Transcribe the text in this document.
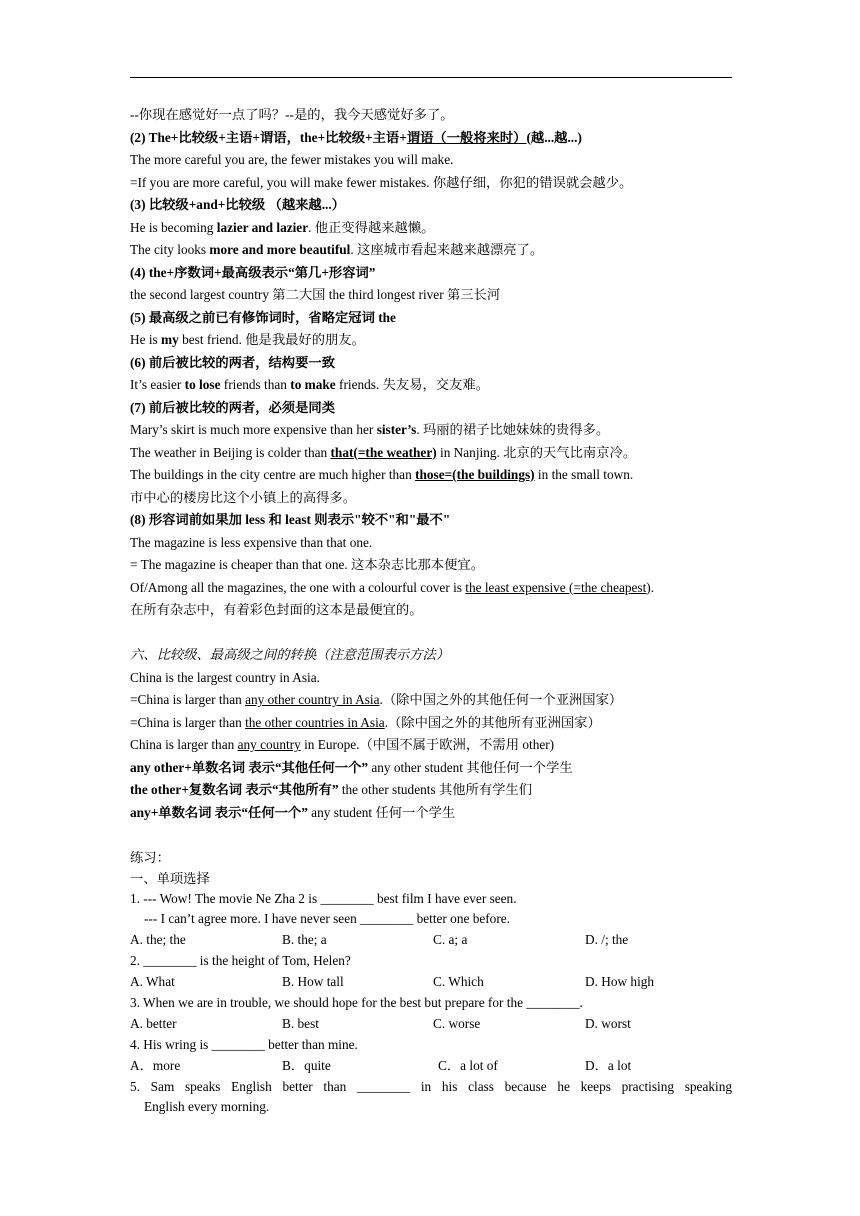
--你现在感觉好一点了吗？--是的，我今天感觉好多了。
(2) The+比较级+主语+谓语，the+比较级+主语+谓语（一般将来时）(越...越...)
The more careful you are, the fewer mistakes you will make.
=If you are more careful, you will make fewer mistakes. 你越仔细，你犯的错误就会越少。
(3) 比较级+and+比较级 （越来越...）
He is becoming lazier and lazier. 他正变得越来越懒。
The city looks more and more beautiful. 这座城市看起来越来越漂亮了。
(4) the+序数词+最高级表示“第几+形容词”
the second largest country 第二大国 the third longest river 第三长河
(5) 最高级之前已有修饰词时，省略定冠词 the
He is my best friend. 他是我最好的朋友。
(6) 前后被比较的两者，结构要一致
It’s easier to lose friends than to make friends. 失友易，交友难。
(7) 前后被比较的两者，必须是同类
Mary’s skirt is much more expensive than her sister’s. 玛丽的裙子比她妹妹的贵得多。
The weather in Beijing is colder than that(=the weather) in Nanjing. 北京的天气比南京冷。
The buildings in the city centre are much higher than those=(the buildings) in the small town.
市中心的楼房比这个小镇上的高得多。
(8) 形容词前如果加 less 和 least 则表示"较不"和"最不"
The magazine is less expensive than that one.
= The magazine is cheaper than that one. 这本杂志比那本便宜。
Of/Among all the magazines, the one with a colourful cover is the least expensive (=the cheapest).
在所有杂志中，有着彩色封面的这本是最便宜的。
六、比较级、最高级之间的转换（注意范围表示方法）
China is the largest country in Asia.
=China is larger than any other country in Asia.（除中国之外的其他任何一个亚洲国家）
=China is larger than the other countries in Asia.（除中国之外的其他所有亚洲国家）
China is larger than any country in Europe.（中国不属于欧洲，不需用 other)
any other+单数名词 表示“其他任何一个” any other student 其他任何一个学生
the other+复数名词 表示“其他所有” the other students 其他所有学生们
any+单数名词 表示“任何一个” any student 任何一个学生
练习：
一、单项选择
1. --- Wow! The movie Ne Zha 2 is ________ best film I have ever seen.
--- I can’t agree more. I have never seen ________ better one before.
A. the; the	B. the; a	C. a; a	D. /; the
2. ________ is the height of Tom, Helen?
A. What	B. How tall	C. Which	D. How high
3. When we are in trouble, we should hope for the best but prepare for the ________.
A. better	B. best	C. worse	D. worst
4. His wring is ________ better than mine.
A．more	B．quite	C．a lot of	D．a lot
5. Sam speaks English better than ________ in his class because he keeps practising speaking
English every morning.
